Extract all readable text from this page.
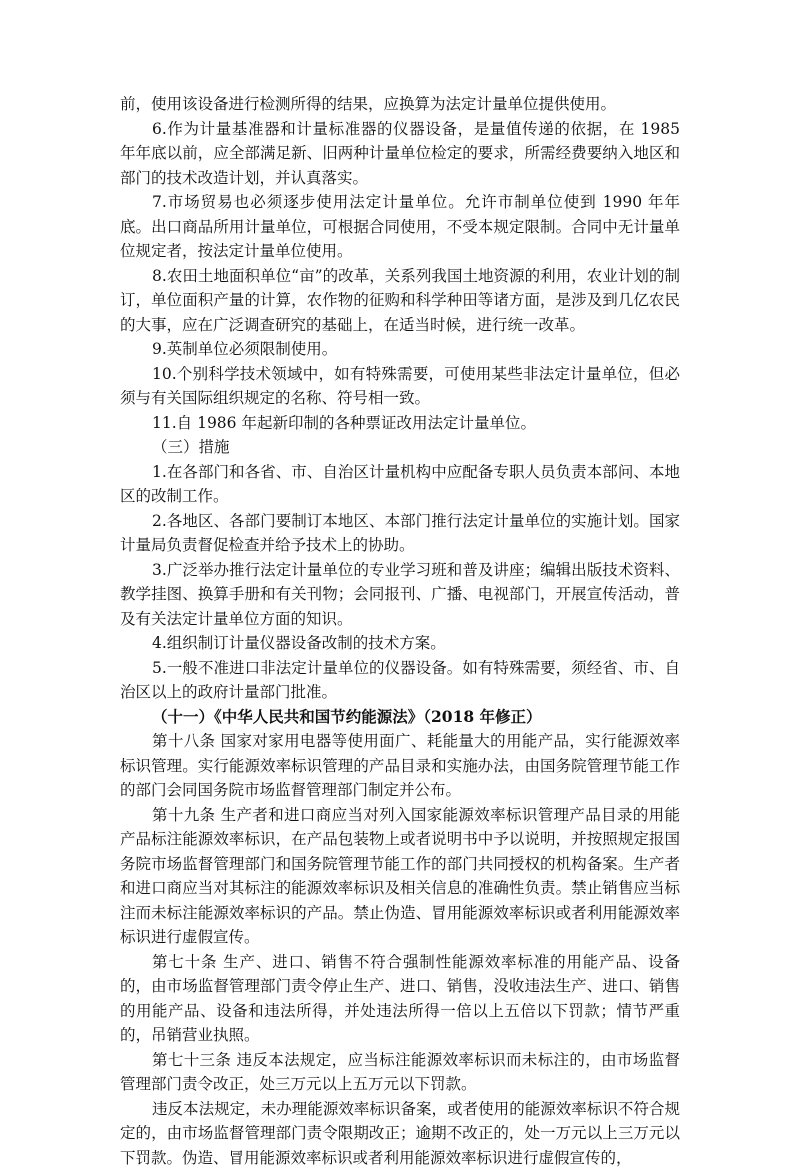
前，使用该设备进行检测所得的结果，应换算为法定计量单位提供使用。

6.作为计量基准器和计量标准器的仪器设备，是量值传递的依据，在 1985 年年底以前，应全部满足新、旧两种计量单位检定的要求，所需经费要纳入地区和部门的技术改造计划，并认真落实。

7.市场贸易也必须逐步使用法定计量单位。允许市制单位使到 1990 年年底。出口商品所用计量单位，可根据合同使用，不受本规定限制。合同中无计量单位规定者，按法定计量单位使用。

8.农田土地面积单位“亩”的改革，关系列我国土地资源的利用，农业计划的制订，单位面积产量的计算，农作物的征购和科学种田等诸方面，是涉及到几亿农民的大事，应在广泛调查研究的基础上，在适当时候，进行统一改革。

9.英制单位必须限制使用。

10.个别科学技术领域中，如有特殊需要，可使用某些非法定计量单位，但必须与有关国际组织规定的名称、符号相一致。

11.自 1986 年起新印制的各种票证改用法定计量单位。

（三）措施

1.在各部门和各省、市、自治区计量机构中应配备专职人员负责本部问、本地区的改制工作。

2.各地区、各部门要制订本地区、本部门推行法定计量单位的实施计划。国家计量局负责督促检查并给予技术上的协助。

3.广泛举办推行法定计量单位的专业学习班和普及讲座；编辑出版技术资料、教学挂图、换算手册和有关刊物；会同报刊、广播、电视部门，开展宣传活动，普及有关法定计量单位方面的知识。

4.组织制订计量仪器设备改制的技术方案。

5.一般不准进口非法定计量单位的仪器设备。如有特殊需要，须经省、市、自治区以上的政府计量部门批准。

（十一）《中华人民共和国节约能源法》（2018 年修正）

第十八条 国家对家用电器等使用面广、耗能量大的用能产品，实行能源效率标识管理。实行能源效率标识管理的产品目录和实施办法，由国务院管理节能工作的部门会同国务院市场监督管理部门制定并公布。

第十九条 生产者和进口商应当对列入国家能源效率标识管理产品目录的用能产品标注能源效率标识，在产品包装物上或者说明书中予以说明，并按照规定报国务院市场监督管理部门和国务院管理节能工作的部门共同授权的机构备案。生产者和进口商应当对其标注的能源效率标识及相关信息的准确性负责。禁止销售应当标注而未标注能源效率标识的产品。禁止伪造、冒用能源效率标识或者利用能源效率标识进行虚假宣传。

第七十条 生产、进口、销售不符合强制性能源效率标准的用能产品、设备的，由市场监督管理部门责令停止生产、进口、销售，没收违法生产、进口、销售的用能产品、设备和违法所得，并处违法所得一倍以上五倍以下罚款；情节严重的，吊销营业执照。

第七十三条 违反本法规定，应当标注能源效率标识而未标注的，由市场监督管理部门责令改正，处三万元以上五万元以下罚款。

违反本法规定，未办理能源效率标识备案，或者使用的能源效率标识不符合规定的，由市场监督管理部门责令限期改正；逾期不改正的，处一万元以上三万元以下罚款。伪造、冒用能源效率标识或者利用能源效率标识进行虚假宣传的，
